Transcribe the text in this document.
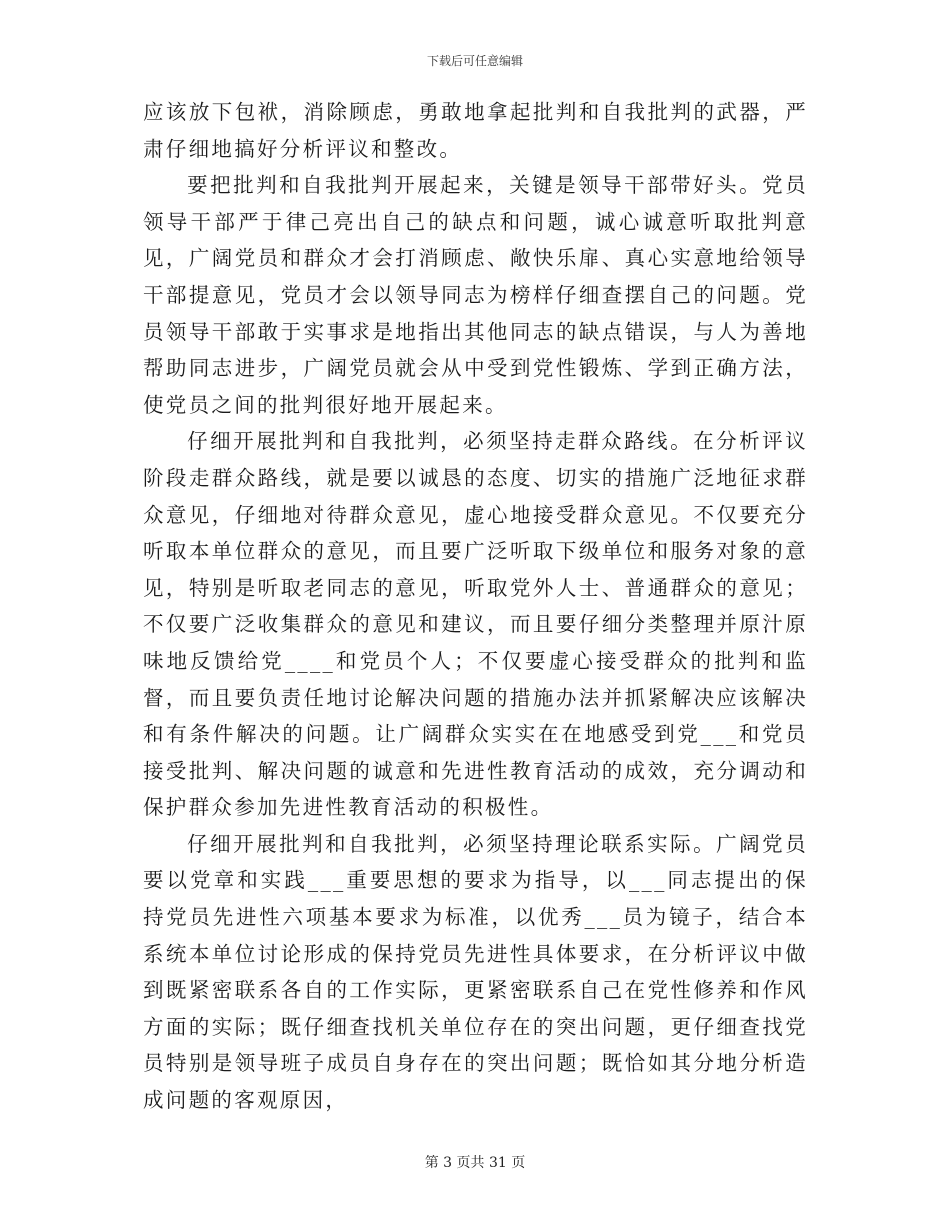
下载后可任意编辑

应该放下包袱，消除顾虑，勇敢地拿起批判和自我批判的武器，严肃仔细地搞好分析评议和整改。

要把批判和自我批判开展起来，关键是领导干部带好头。党员领导干部严于律己亮出自己的缺点和问题，诚心诚意听取批判意见，广阔党员和群众才会打消顾虑、敞快乐扉、真心实意地给领导干部提意见，党员才会以领导同志为榜样仔细查摆自己的问题。党员领导干部敢于实事求是地指出其他同志的缺点错误，与人为善地帮助同志进步，广阔党员就会从中受到党性锻炼、学到正确方法，使党员之间的批判很好地开展起来。

仔细开展批判和自我批判，必须坚持走群众路线。在分析评议阶段走群众路线，就是要以诚恳的态度、切实的措施广泛地征求群众意见，仔细地对待群众意见，虚心地接受群众意见。不仅要充分听取本单位群众的意见，而且要广泛听取下级单位和服务对象的意见，特别是听取老同志的意见，听取党外人士、普通群众的意见；不仅要广泛收集群众的意见和建议，而且要仔细分类整理并原汁原味地反馈给党____和党员个人；不仅要虚心接受群众的批判和监督，而且要负责任地讨论解决问题的措施办法并抓紧解决应该解决和有条件解决的问题。让广阔群众实实在在地感受到党___和党员接受批判、解决问题的诚意和先进性教育活动的成效，充分调动和保护群众参加先进性教育活动的积极性。

仔细开展批判和自我批判，必须坚持理论联系实际。广阔党员要以党章和实践___重要思想的要求为指导，以___同志提出的保持党员先进性六项基本要求为标准，以优秀___员为镜子，结合本系统本单位讨论形成的保持党员先进性具体要求，在分析评议中做到既紧密联系各自的工作实际，更紧密联系自己在党性修养和作风方面的实际；既仔细查找机关单位存在的突出问题，更仔细查找党员特别是领导班子成员自身存在的突出问题；既恰如其分地分析造成问题的客观原因，

第 3 页共 31 页
